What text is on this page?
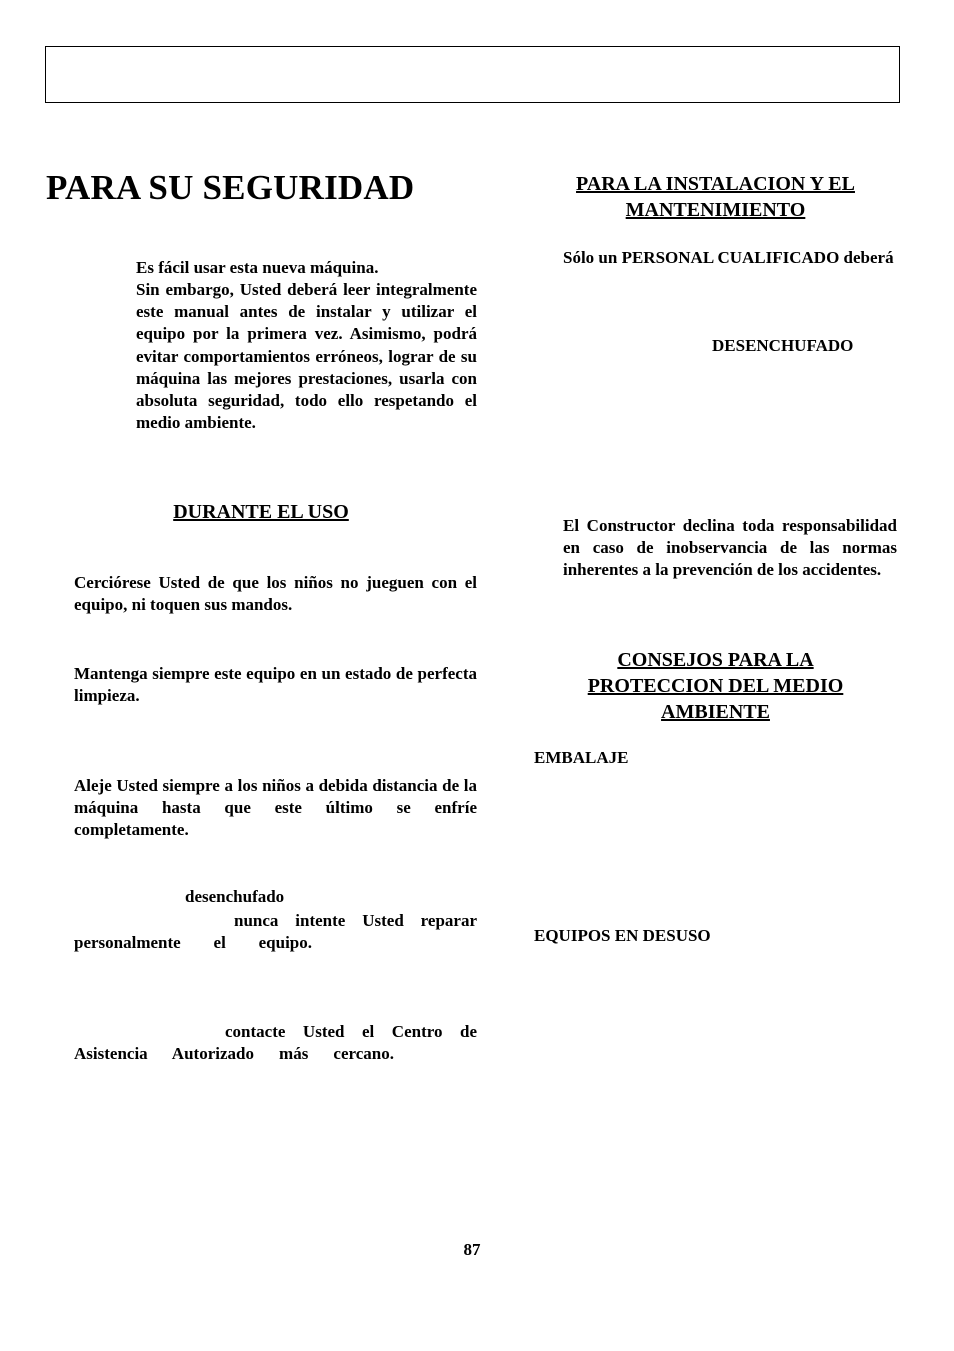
PARA SU SEGURIDAD
Es fácil usar esta nueva máquina.
Sin embargo, Usted deberá leer integralmente este manual antes de instalar y utilizar el equipo por la primera vez. Asimismo, podrá evitar comportamientos erróneos, lograr de su máquina las mejores prestaciones, usarla con absoluta seguridad, todo ello respetando el medio ambiente.
DURANTE EL USO
Cerciórese Usted de que los niños no jueguen con el equipo, ni toquen sus mandos.
Mantenga siempre este equipo en un estado de perfecta limpieza.
Aleje Usted siempre a los niños a debida distancia de la máquina hasta que este último se enfríe completamente.
desenchufado
nunca intente Usted reparar
personalmente el equipo.
contacte Usted el Centro de
Asistencia Autorizado más cercano.
PARA LA INSTALACION Y EL
MANTENIMIENTO
Sólo un PERSONAL CUALIFICADO deberá
DESENCHUFADO
El Constructor declina toda responsabilidad en caso de inobservancia de las normas inherentes a la prevención de los accidentes.
CONSEJOS PARA LA
PROTECCION DEL MEDIO
AMBIENTE
EMBALAJE
EQUIPOS EN DESUSO
87
